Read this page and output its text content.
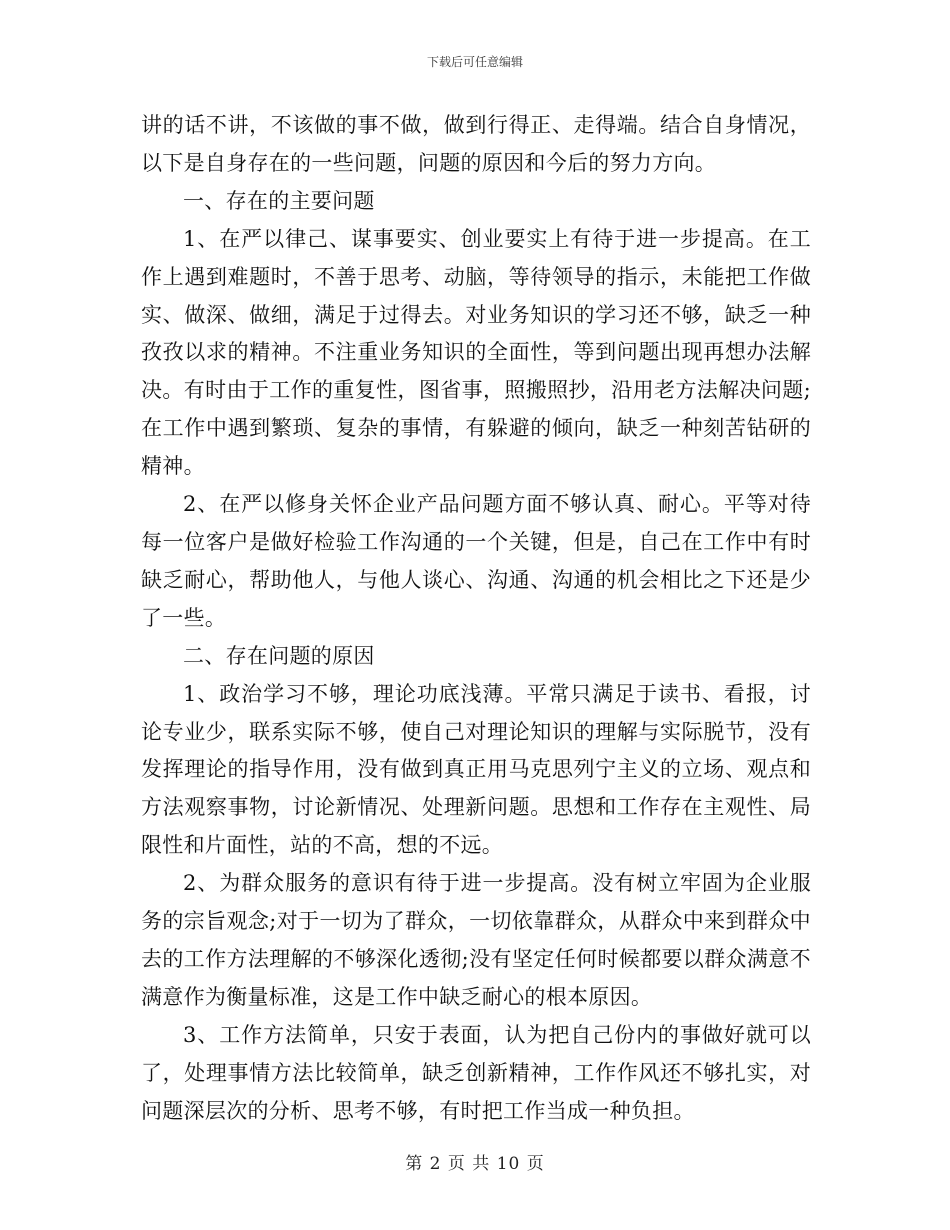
下载后可任意编辑

讲的话不讲，不该做的事不做，做到行得正、走得端。结合自身情况，以下是自身存在的一些问题，问题的原因和今后的努力方向。

一、存在的主要问题

1、在严以律己、谋事要实、创业要实上有待于进一步提高。在工作上遇到难题时，不善于思考、动脑，等待领导的指示，未能把工作做实、做深、做细，满足于过得去。对业务知识的学习还不够，缺乏一种孜孜以求的精神。不注重业务知识的全面性，等到问题出现再想办法解决。有时由于工作的重复性，图省事，照搬照抄，沿用老方法解决问题;在工作中遇到繁琐、复杂的事情，有躲避的倾向，缺乏一种刻苦钻研的精神。

2、在严以修身关怀企业产品问题方面不够认真、耐心。平等对待每一位客户是做好检验工作沟通的一个关键，但是，自己在工作中有时缺乏耐心，帮助他人，与他人谈心、沟通、沟通的机会相比之下还是少了一些。

二、存在问题的原因

1、政治学习不够，理论功底浅薄。平常只满足于读书、看报，讨论专业少，联系实际不够，使自己对理论知识的理解与实际脱节，没有发挥理论的指导作用，没有做到真正用马克思列宁主义的立场、观点和方法观察事物，讨论新情况、处理新问题。思想和工作存在主观性、局限性和片面性，站的不高，想的不远。

2、为群众服务的意识有待于进一步提高。没有树立牢固为企业服务的宗旨观念;对于一切为了群众，一切依靠群众，从群众中来到群众中去的工作方法理解的不够深化透彻;没有坚定任何时候都要以群众满意不满意作为衡量标准，这是工作中缺乏耐心的根本原因。

3、工作方法简单，只安于表面，认为把自己份内的事做好就可以了，处理事情方法比较简单，缺乏创新精神，工作作风还不够扎实，对问题深层次的分析、思考不够，有时把工作当成一种负担。

第 2 页 共 10 页
